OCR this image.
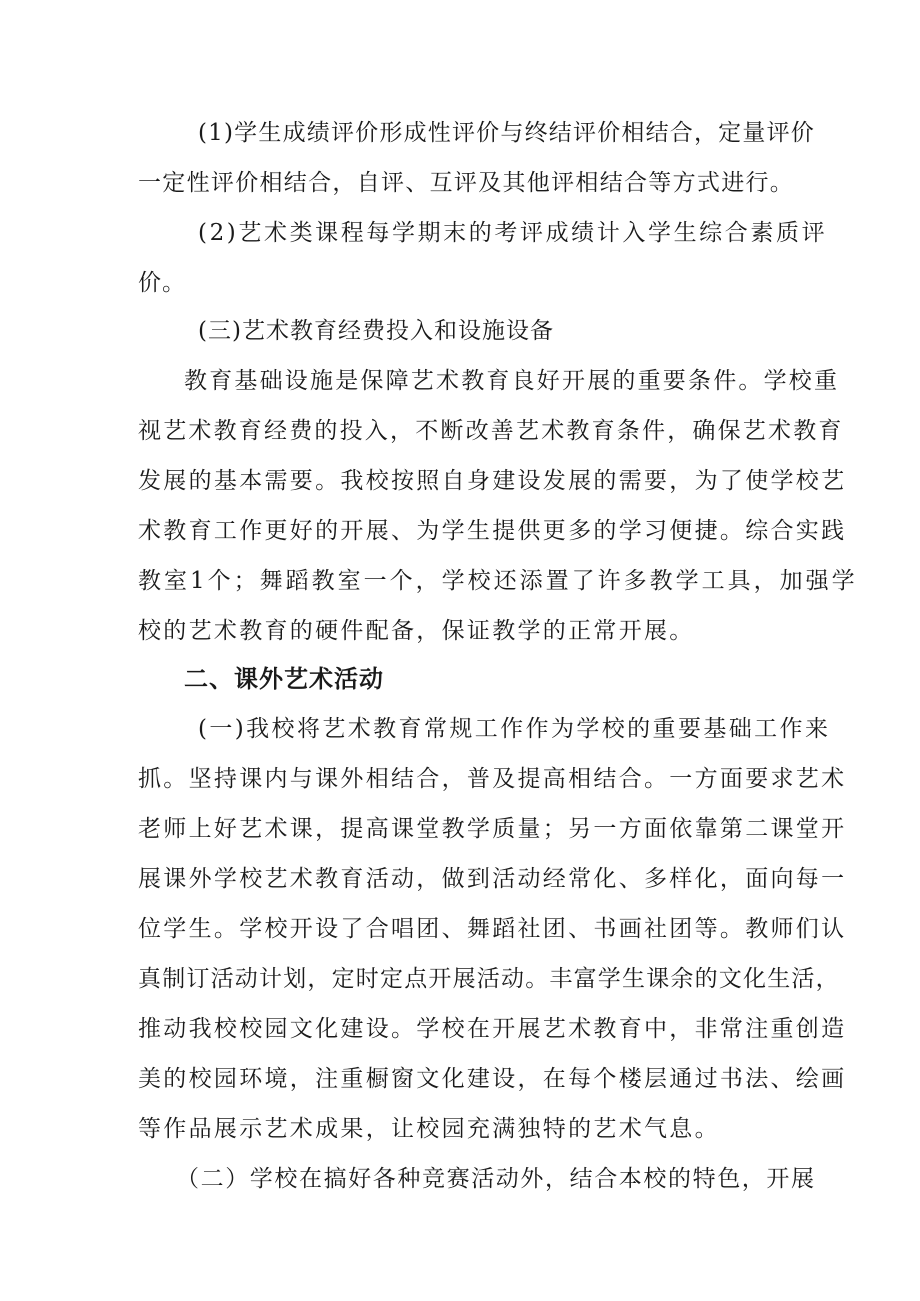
(1)学生成绩评价形成性评价与终结评价相结合，定量评价
一定性评价相结合，自评、互评及其他评相结合等方式进行。
(2)艺术类课程每学期末的考评成绩计入学生综合素质评
价。
(三)艺术教育经费投入和设施设备
教育基础设施是保障艺术教育良好开展的重要条件。学校重
视艺术教育经费的投入，不断改善艺术教育条件，确保艺术教育
发展的基本需要。我校按照自身建设发展的需要，为了使学校艺
术教育工作更好的开展、为学生提供更多的学习便捷。综合实践
教室1个；舞蹈教室一个，学校还添置了许多教学工具，加强学
校的艺术教育的硬件配备，保证教学的正常开展。
二、课外艺术活动
(一)我校将艺术教育常规工作作为学校的重要基础工作来
抓。坚持课内与课外相结合，普及提高相结合。一方面要求艺术
老师上好艺术课，提高课堂教学质量；另一方面依靠第二课堂开
展课外学校艺术教育活动，做到活动经常化、多样化，面向每一
位学生。学校开设了合唱团、舞蹈社团、书画社团等。教师们认
真制订活动计划，定时定点开展活动。丰富学生课余的文化生活，
推动我校校园文化建设。学校在开展艺术教育中，非常注重创造
美的校园环境，注重橱窗文化建设，在每个楼层通过书法、绘画
等作品展示艺术成果，让校园充满独特的艺术气息。
（二）学校在搞好各种竞赛活动外，结合本校的特色，开展
